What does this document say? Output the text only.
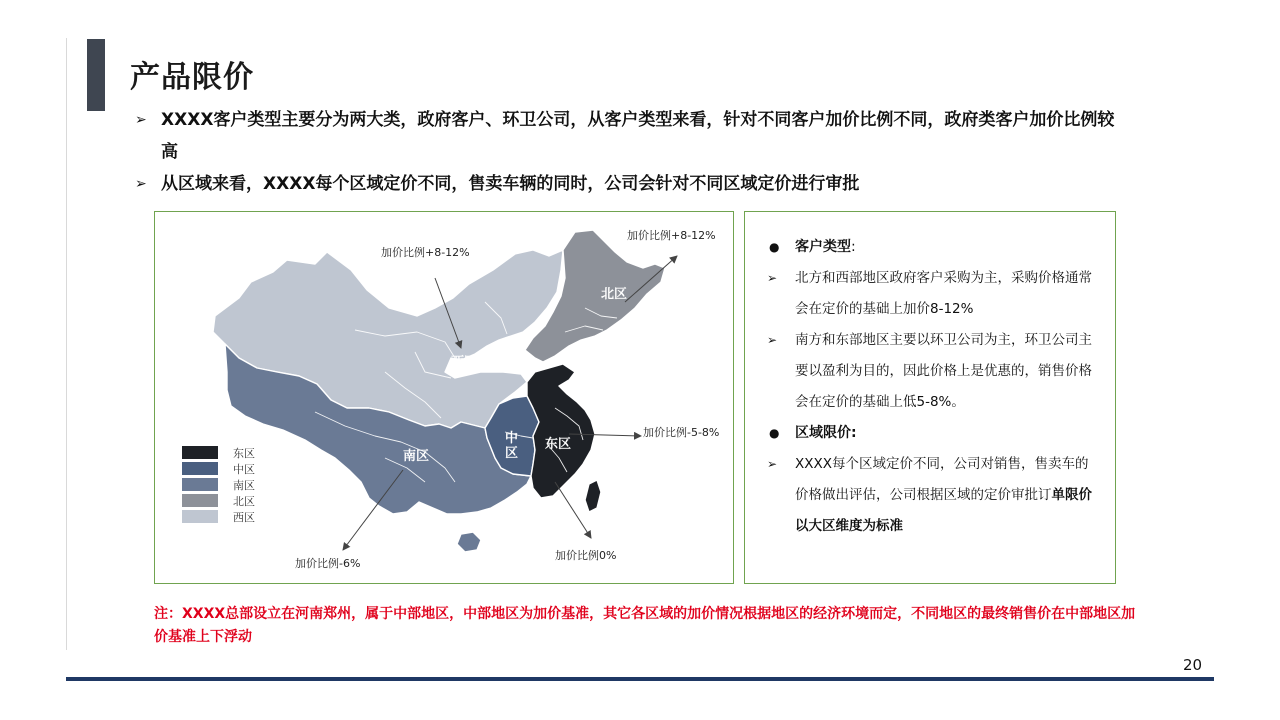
产品限价
➢ XXXX客户类型主要分为两大类，政府客户、环卫公司，从客户类型来看，针对不同客户加价比例不同，政府类客户加价比例较高
➢ 从区域来看，XXXX每个区域定价不同，售卖车辆的同时，公司会针对不同区域定价进行审批
西区
北区
中区
东区
南区
加价比例+8-12%
加价比例+8-12%
加价比例-5-8%
加价比例-6%
加价比例0%
东区
中区
南区
北区
西区
● 客户类型:
➢ 北方和西部地区政府客户采购为主，采购价格通常会在定价的基础上加价8-12%
➢ 南方和东部地区主要以环卫公司为主，环卫公司主要以盈利为目的，因此价格上是优惠的，销售价格会在定价的基础上低5-8%。
● 区域限价:
➢ XXXX每个区域定价不同，公司对销售，售卖车的价格做出评估，公司根据区域的定价审批订单限价以大区维度为标准
注：XXXX总部设立在河南郑州，属于中部地区，中部地区为加价基准，其它各区域的加价情况根据地区的经济环境而定，不同地区的最终销售价在中部地区加价基准上下浮动
20
